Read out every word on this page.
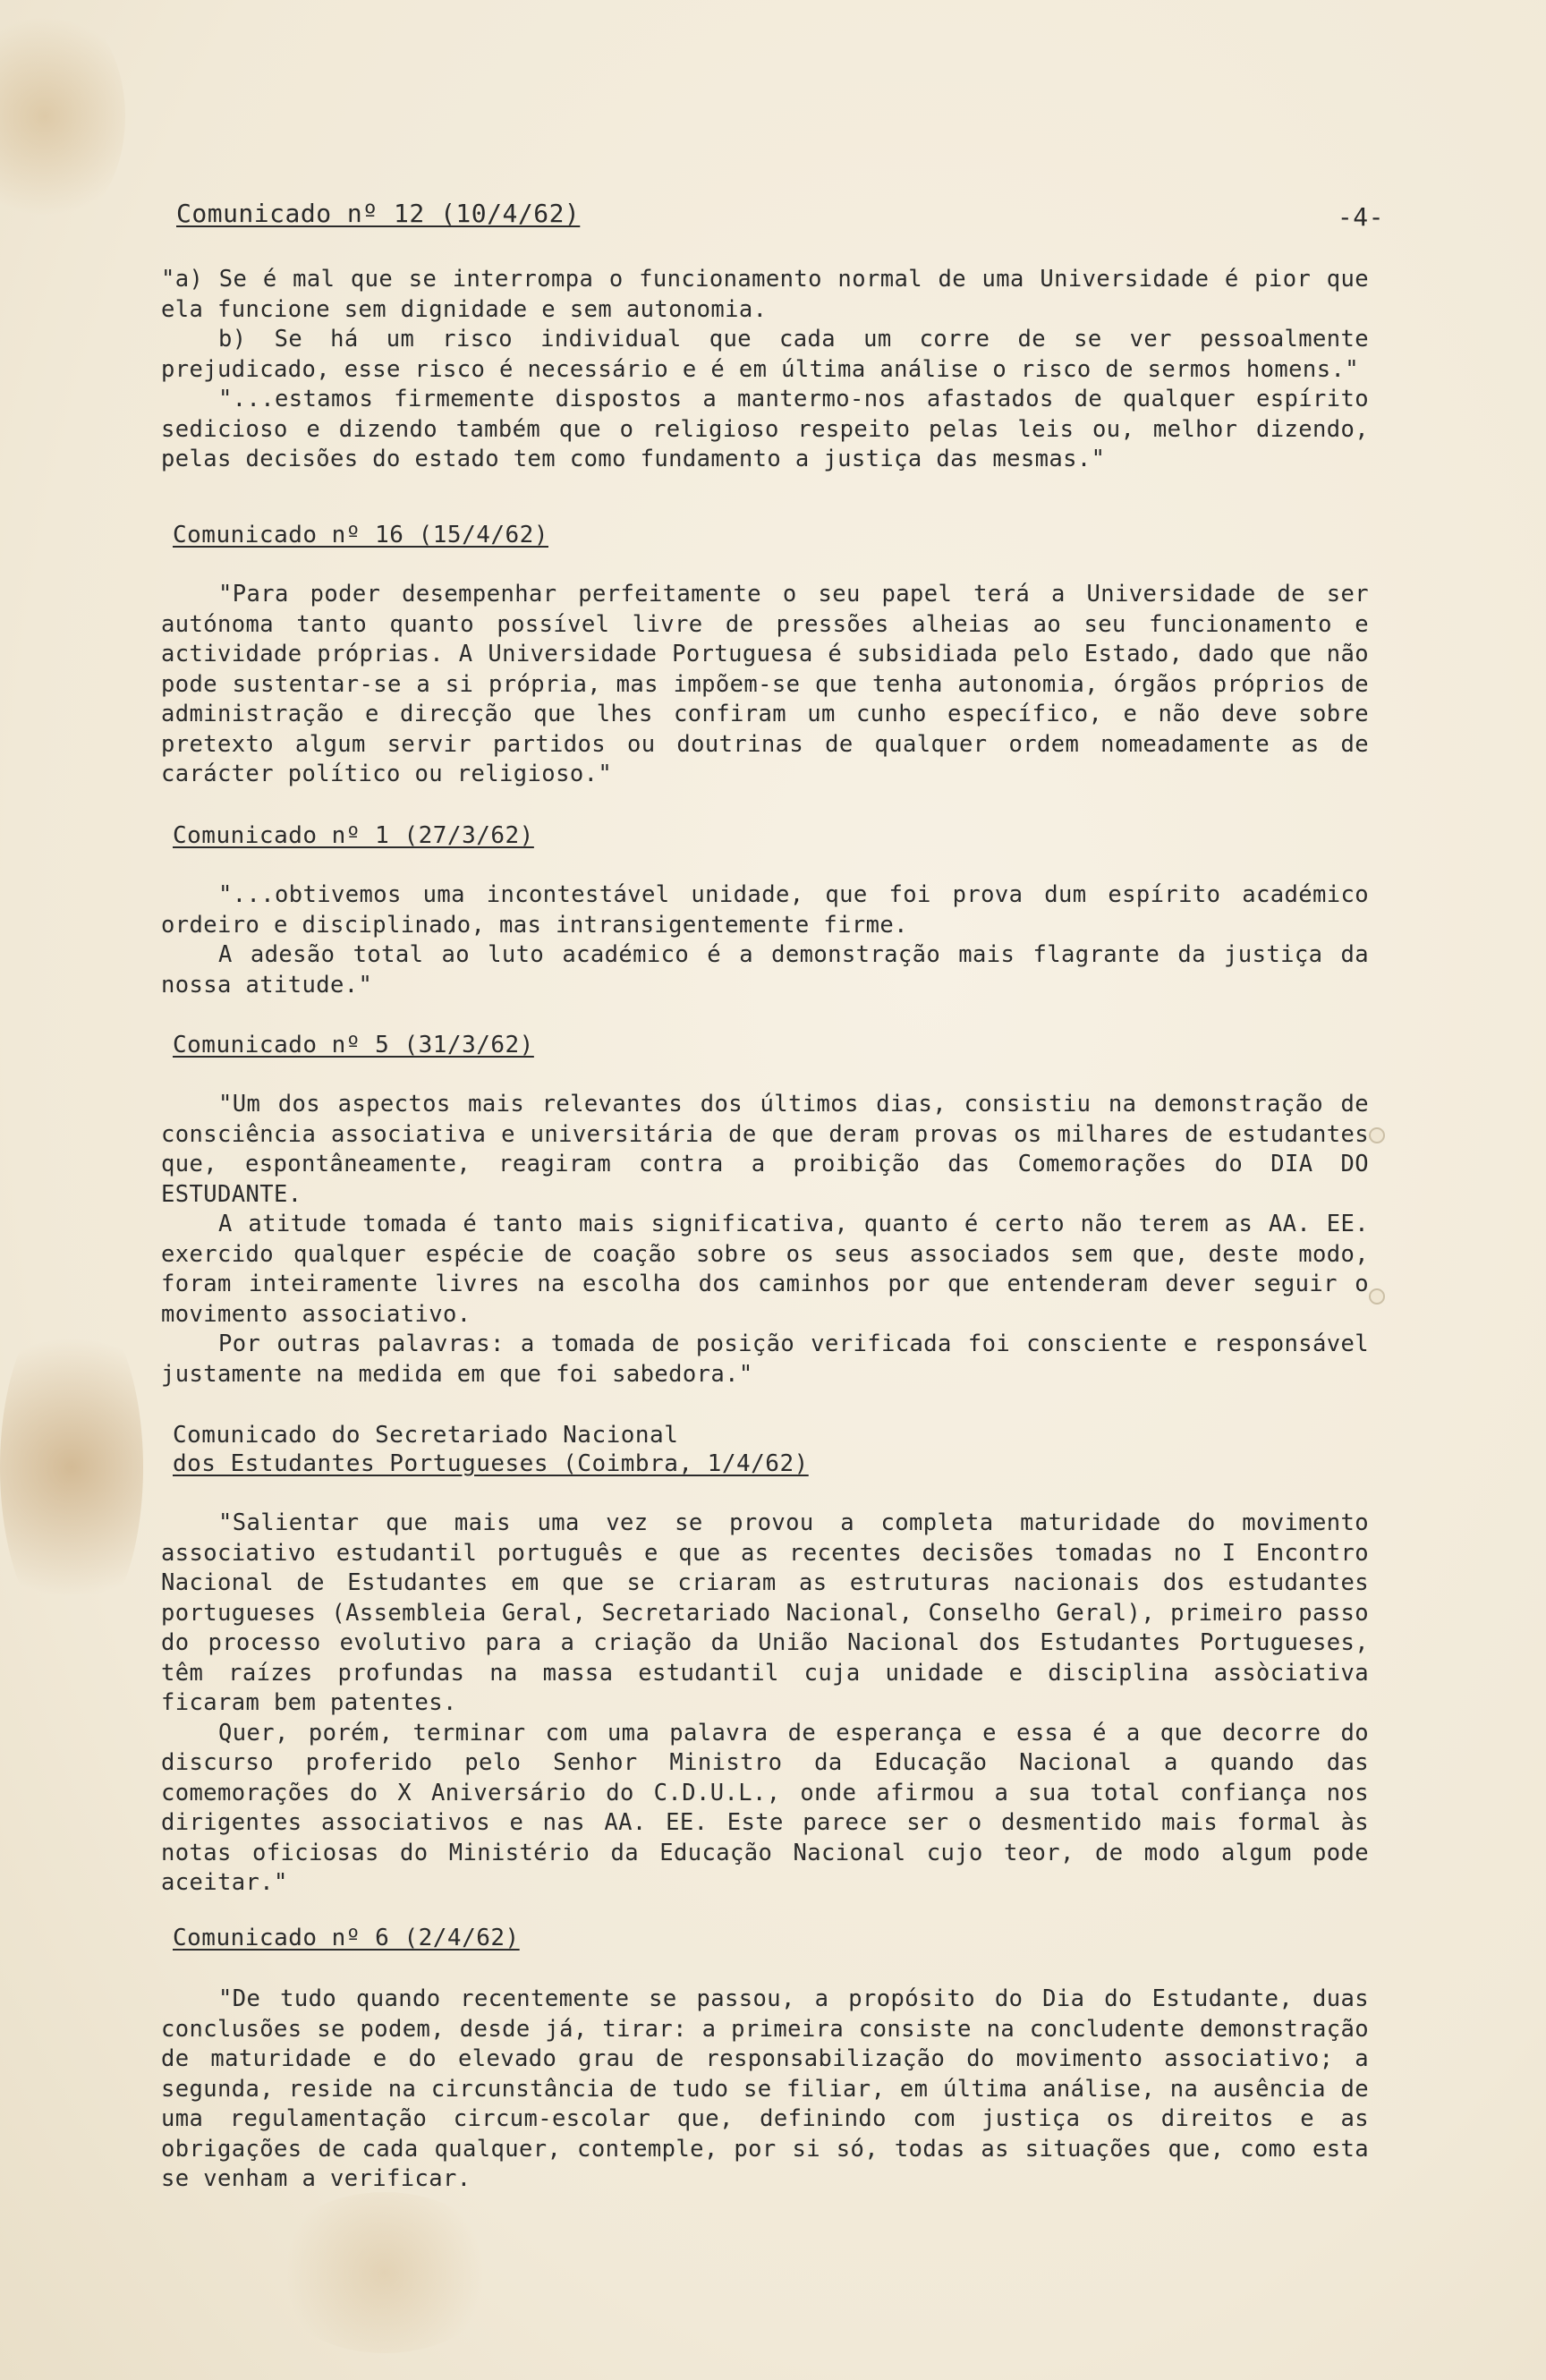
Comunicado nº 12 (10/4/62)	-4-
"a) Se é mal que se interrompa o funcionamento normal de uma Universidade é pior que ela funcione sem dignidade e sem autonomia.
b) Se há um risco individual que cada um corre de se ver pessoalmente prejudicado, esse risco é necessário e é em última análise o risco de sermos homens."
"...estamos firmemente dispostos a mantermo-nos afastados de qualquer espírito sedicioso e dizendo também que o religioso respeito pelas leis ou, melhor dizendo, pelas decisões do estado tem como fundamento a justiça das mesmas."
Comunicado nº 16 (15/4/62)
"Para poder desempenhar perfeitamente o seu papel terá a Universidade de ser autónoma tanto quanto possível livre de pressões alheias ao seu funcionamento e actividade próprias. A Universidade Portuguesa é subsidiada pelo Estado, dado que não pode sustentar-se a si própria, mas impõem-se que tenha autonomia, órgãos próprios de administração e direcção que lhes confiram um cunho específico, e não deve sobre pretexto algum servir partidos ou doutrinas de qualquer ordem nomeadamente as de carácter político ou religioso."
Comunicado nº 1 (27/3/62)
"...obtivemos uma incontestável unidade, que foi prova dum espírito académico ordeiro e disciplinado, mas intransigentemente firme.
A adesão total ao luto académico é a demonstração mais flagrante da justiça da nossa atitude."
Comunicado nº 5 (31/3/62)
"Um dos aspectos mais relevantes dos últimos dias, consistiu na demonstração de consciência associativa e universitária de que deram provas os milhares de estudantes que, espontâneamente, reagiram contra a proibição das Comemorações do DIA DO ESTUDANTE.
A atitude tomada é tanto mais significativa, quanto é certo não terem as AA. EE. exercido qualquer espécie de coação sobre os seus associados sem que, deste modo, foram inteiramente livres na escolha dos caminhos por que entenderam dever seguir o movimento associativo.
Por outras palavras: a tomada de posição verificada foi consciente e responsável justamente na medida em que foi sabedora."
Comunicado do Secretariado Nacional
dos Estudantes Portugueses (Coimbra, 1/4/62)
"Salientar que mais uma vez se provou a completa maturidade do movimento associativo estudantil português e que as recentes decisões tomadas no I Encontro Nacional de Estudantes em que se criaram as estruturas nacionais dos estudantes portugueses (Assembleia Geral, Secretariado Nacional, Conselho Geral), primeiro passo do processo evolutivo para a criação da União Nacional dos Estudantes Portugueses, têm raízes profundas na massa estudantil cuja unidade e disciplina assòciativa ficaram bem patentes.
Quer, porém, terminar com uma palavra de esperança e essa é a que decorre do discurso proferido pelo Senhor Ministro da Educação Nacional a quando das comemorações do X Aniversário do C.D.U.L., onde afirmou a sua total confiança nos dirigentes associativos e nas AA. EE. Este parece ser o desmentido mais formal às notas oficiosas do Ministério da Educação Nacional cujo teor, de modo algum pode aceitar."
Comunicado nº 6 (2/4/62)
"De tudo quando recentemente se passou, a propósito do Dia do Estudante, duas conclusões se podem, desde já, tirar: a primeira consiste na concludente demonstração de maturidade e do elevado grau de responsabilização do movimento associativo; a segunda, reside na circunstância de tudo se filiar, em última análise, na ausência de uma regulamentação circum-escolar que, definindo com justiça os direitos e as obrigações de cada qualquer, contemple, por si só, todas as situações que, como esta se venham a verificar.
